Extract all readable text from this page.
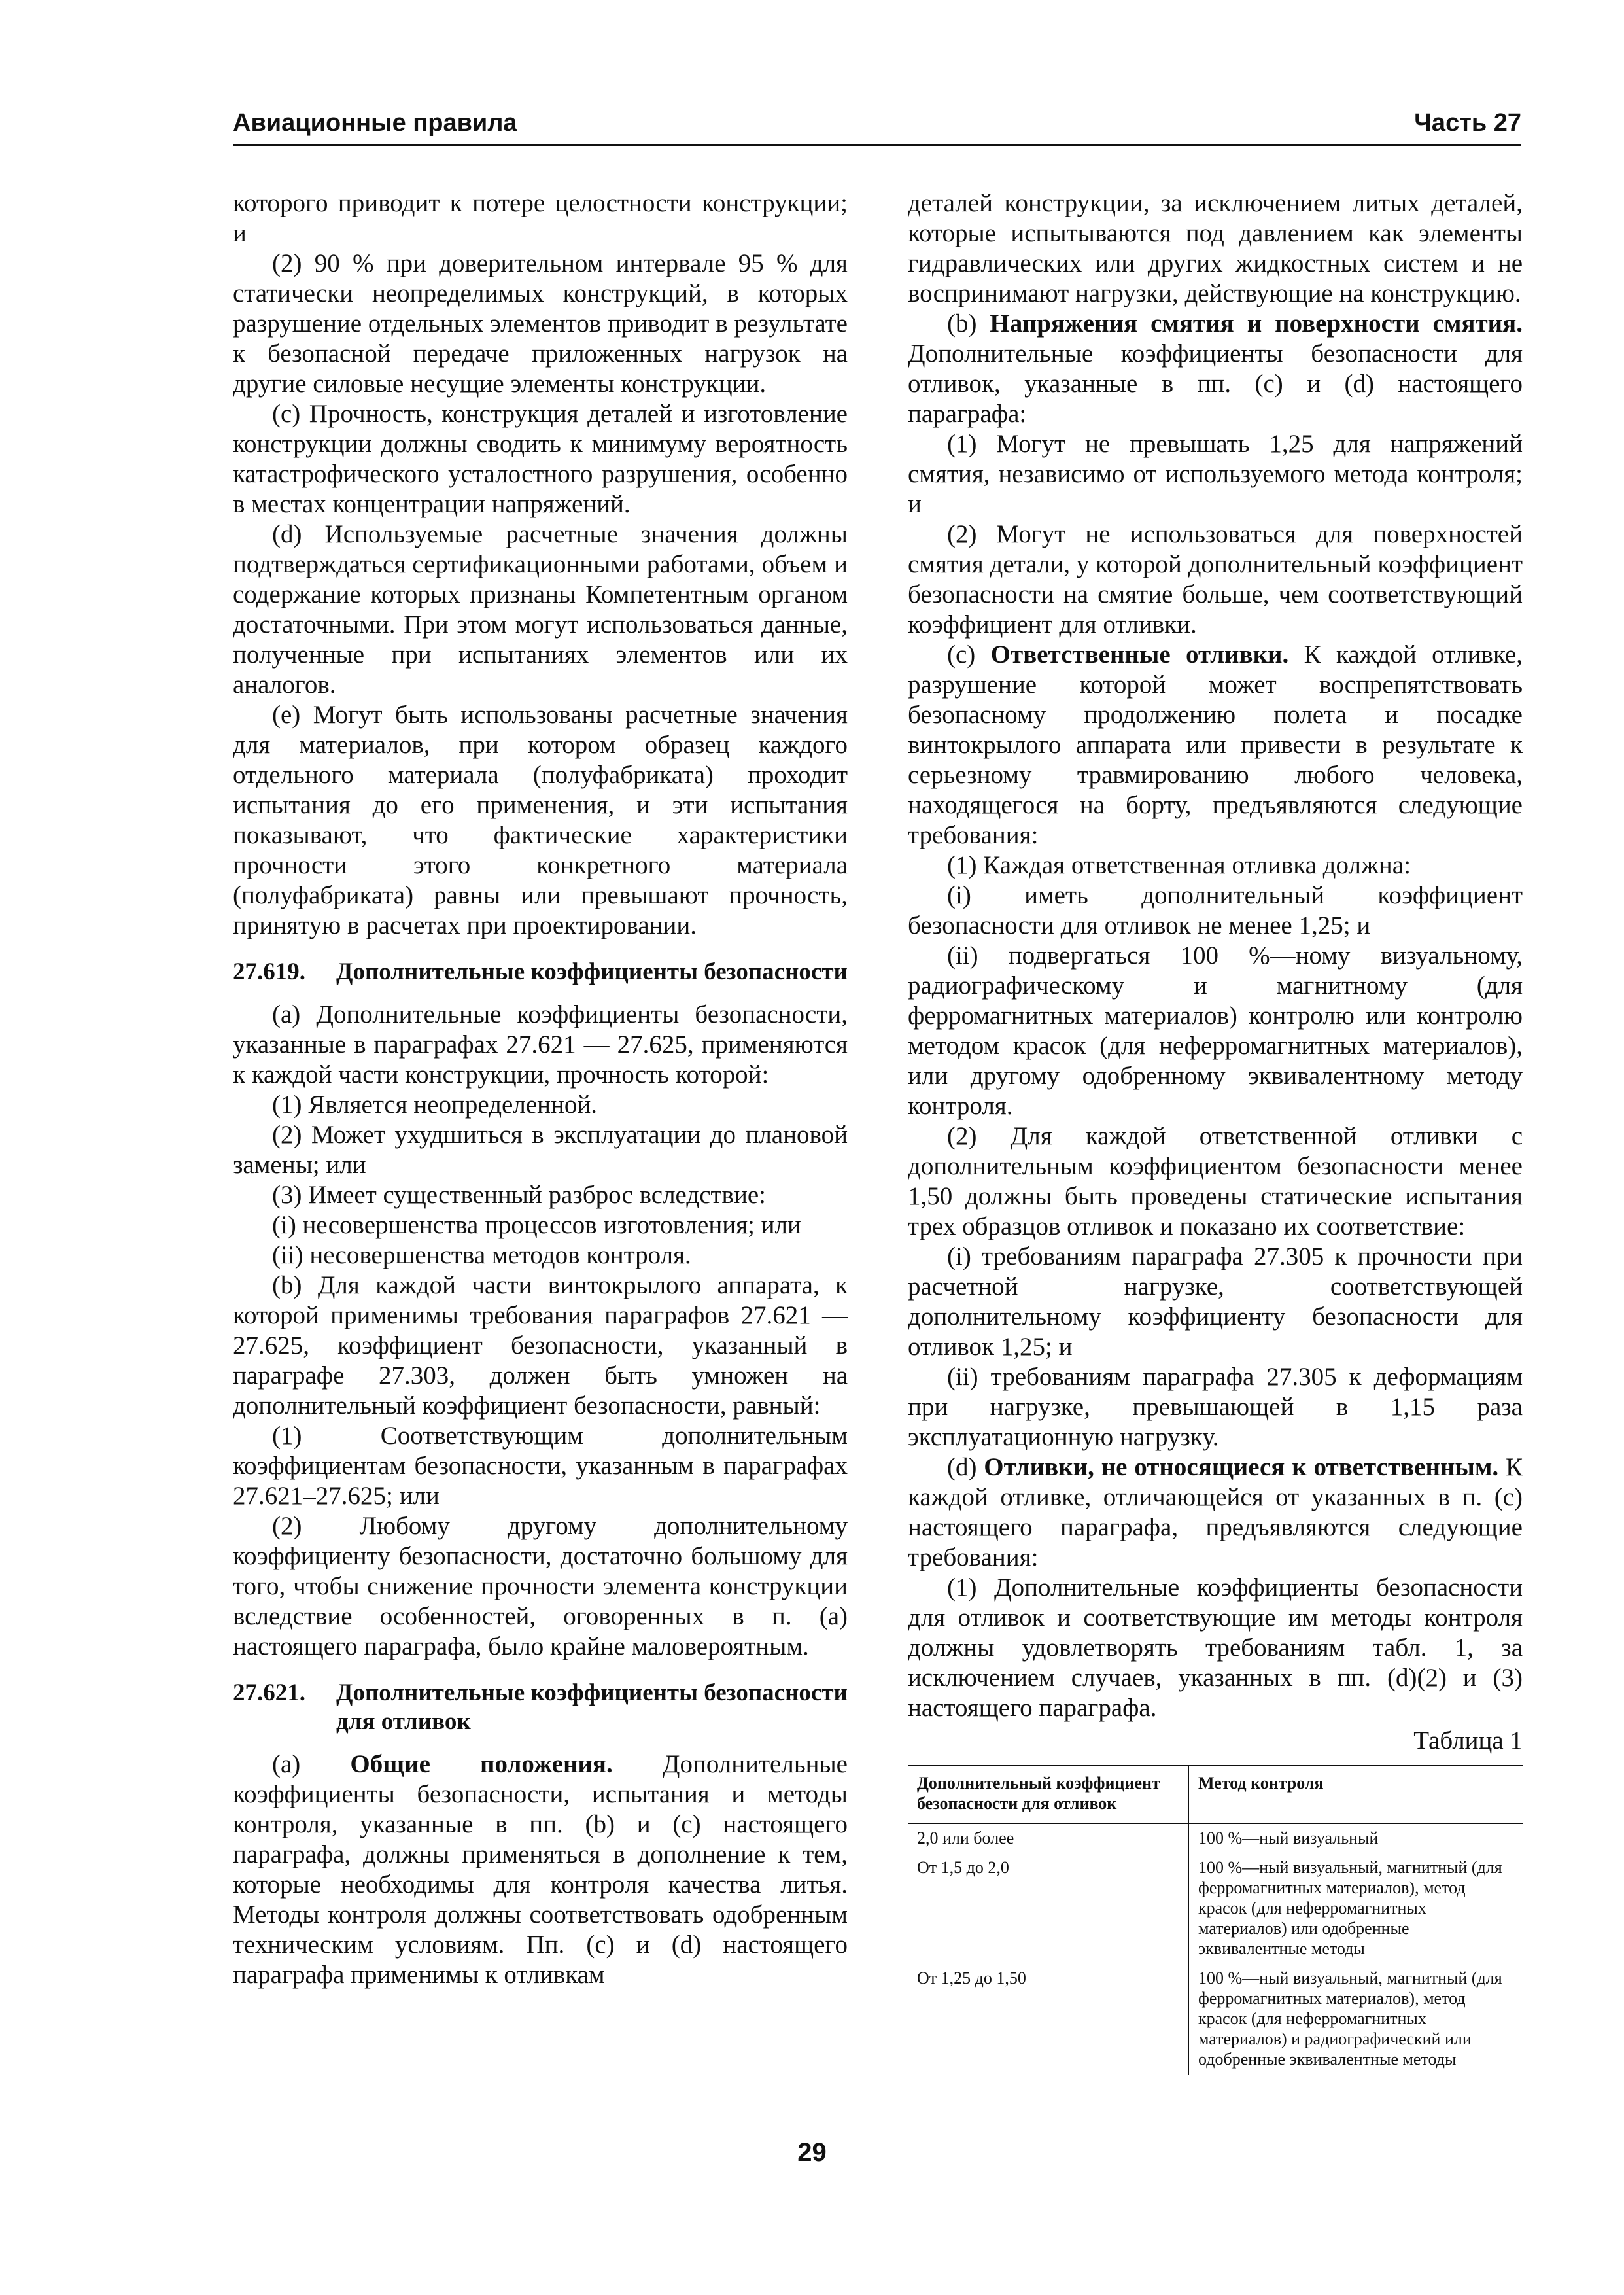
Авиационные правила	Часть 27

которого приводит к потере целостности конструкции; и

(2) 90 % при доверительном интервале 95 % для статически неопределимых конструкций, в которых разрушение отдельных элементов приводит в результате к безопасной передаче приложенных нагрузок на другие силовые несущие элементы конструкции.

(c) Прочность, конструкция деталей и изготовление конструкции должны сводить к минимуму вероятность катастрофического усталостного разрушения, особенно в местах концентрации напряжений.

(d) Используемые расчетные значения должны подтверждаться сертификационными работами, объем и содержание которых признаны Компетентным органом достаточными. При этом могут использоваться данные, полученные при испытаниях элементов или их аналогов.

(e) Могут быть использованы расчетные значения для материалов, при котором образец каждого отдельного материала (полуфабриката) проходит испытания до его применения, и эти испытания показывают, что фактические характеристики прочности этого конкретного материала (полуфабриката) равны или превышают прочность, принятую в расчетах при проектировании.

27.619.	Дополнительные коэффициенты безопасности

(a) Дополнительные коэффициенты безопасности, указанные в параграфах 27.621 — 27.625, применяются к каждой части конструкции, прочность которой:

(1) Является неопределенной.

(2) Может ухудшиться в эксплуатации до плановой замены; или

(3) Имеет существенный разброс вследствие:

(i) несовершенства процессов изготовления; или

(ii) несовершенства методов контроля.

(b) Для каждой части винтокрылого аппарата, к которой применимы требования параграфов 27.621 — 27.625, коэффициент безопасности, указанный в параграфе 27.303, должен быть умножен на дополнительный коэффициент безопасности, равный:

(1) Соответствующим дополнительным коэффициентам безопасности, указанным в параграфах 27.621–27.625; или

(2) Любому другому дополнительному коэффициенту безопасности, достаточно большому для того, чтобы снижение прочности элемента конструкции вследствие особенностей, оговоренных в п. (a) настоящего параграфа, было крайне маловероятным.

27.621.	Дополнительные коэффициенты безопасности для отливок

(a) Общие положения. Дополнительные коэффициенты безопасности, испытания и методы контроля, указанные в пп. (b) и (c) настоящего параграфа, должны применяться в дополнение к тем, которые необходимы для контроля качества литья. Методы контроля должны соответствовать одобренным техническим условиям. Пп. (c) и (d) настоящего параграфа применимы к отливкам

деталей конструкции, за исключением литых деталей, которые испытываются под давлением как элементы гидравлических или других жидкостных систем и не воспринимают нагрузки, действующие на конструкцию.

(b) Напряжения смятия и поверхности смятия. Дополнительные коэффициенты безопасности для отливок, указанные в пп. (c) и (d) настоящего параграфа:

(1) Могут не превышать 1,25 для напряжений смятия, независимо от используемого метода контроля; и

(2) Могут не использоваться для поверхностей смятия детали, у которой дополнительный коэффициент безопасности на смятие больше, чем соответствующий коэффициент для отливки.

(c) Ответственные отливки. К каждой отливке, разрушение которой может воспрепятствовать безопасному продолжению полета и посадке винтокрылого аппарата или привести в результате к серьезному травмированию любого человека, находящегося на борту, предъявляются следующие требования:

(1) Каждая ответственная отливка должна:

(i) иметь дополнительный коэффициент безопасности для отливок не менее 1,25; и

(ii) подвергаться 100 %—ному визуальному, радиографическому и магнитному (для ферромагнитных материалов) контролю или контролю методом красок (для неферромагнитных материалов), или другому одобренному эквивалентному методу контроля.

(2) Для каждой ответственной отливки с дополнительным коэффициентом безопасности менее 1,50 должны быть проведены статические испытания трех образцов отливок и показано их соответствие:

(i) требованиям параграфа 27.305 к прочности при расчетной нагрузке, соответствующей дополнительному коэффициенту безопасности для отливок 1,25; и

(ii) требованиям параграфа 27.305 к деформациям при нагрузке, превышающей в 1,15 раза эксплуатационную нагрузку.

(d) Отливки, не относящиеся к ответственным. К каждой отливке, отличающейся от указанных в п. (c) настоящего параграфа, предъявляются следующие требования:

(1) Дополнительные коэффициенты безопасности для отливок и соответствующие им методы контроля должны удовлетворять требованиям табл. 1, за исключением случаев, указанных в пп. (d)(2) и (3) настоящего параграфа.

Таблица 1
Дополнительный коэффициент безопасности для отливок	Метод контроля
2,0 или более	100 %—ный визуальный
От 1,5 до 2,0	100 %—ный визуальный, магнитный (для ферромагнитных материалов), метод красок (для неферромагнитных материалов) или одобренные эквивалентные методы
От 1,25 до 1,50	100 %—ный визуальный, магнитный (для ферромагнитных материалов), метод красок (для неферромагнитных материалов) и радиографический или одобренные эквивалентные методы
29
